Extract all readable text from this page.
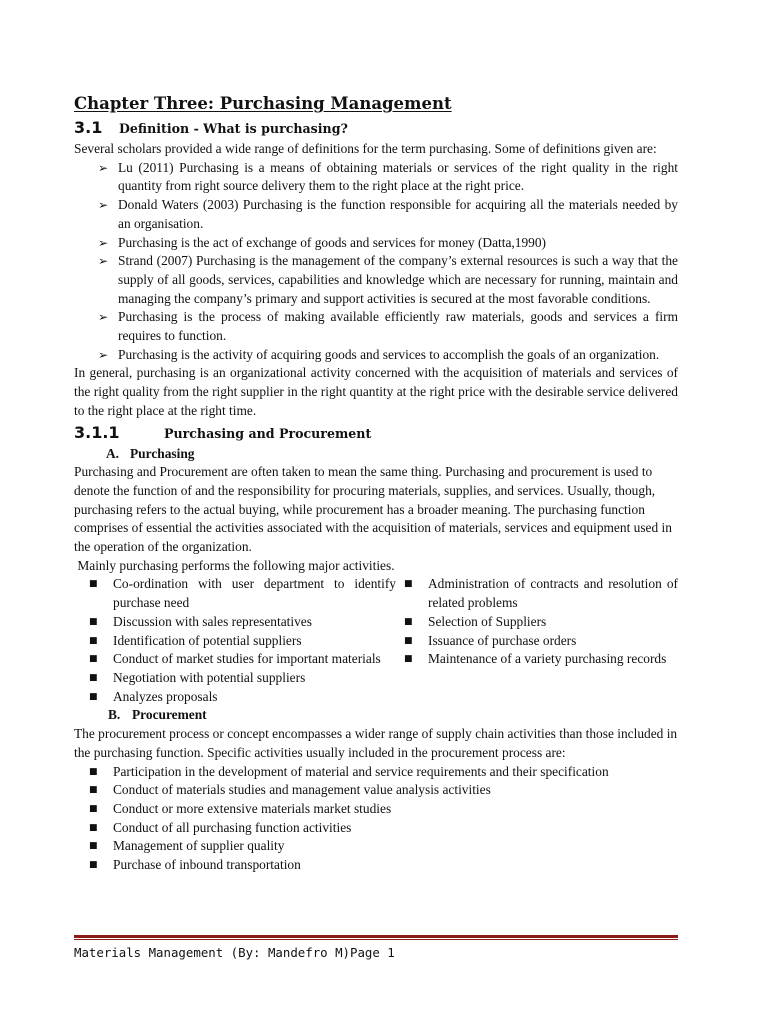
Chapter Three: Purchasing Management
3.1	Definition - What is purchasing?

Several scholars provided a wide range of definitions for the term purchasing. Some of definitions given are:

➢ Lu (2011) Purchasing is a means of obtaining materials or services of the right quality in the right quantity from right source delivery them to the right place at the right price.
➢ Donald Waters (2003) Purchasing is the function responsible for acquiring all the materials needed by an organisation.
➢ Purchasing is the act of exchange of goods and services for money (Datta,1990)
➢ Strand (2007) Purchasing is the management of the company’s external resources is such a way that the supply of all goods, services, capabilities and knowledge which are necessary for running, maintain and managing the company’s primary and support activities is secured at the most favorable conditions.
➢ Purchasing is the process of making available efficiently raw materials, goods and services a firm requires to function.
➢ Purchasing is the activity of acquiring goods and services to accomplish the goals of an organization.

In general, purchasing is an organizational activity concerned with the acquisition of materials and services of the right quality from the right supplier in the right quantity at the right price with the desirable service delivered to the right place at the right time.

3.1.1	Purchasing and Procurement
A. Purchasing

Purchasing and Procurement are often taken to mean the same thing. Purchasing and procurement is used to denote the function of and the responsibility for procuring materials, supplies, and services. Usually, though, purchasing refers to the actual buying, while procurement has a broader meaning. The purchasing function comprises of essential the activities associated with the acquisition of materials, services and equipment used in the operation of the organization.

Mainly purchasing performs the following major activities.

■ Co-ordination with user department to identify purchase need
■ Discussion with sales representatives
■ Identification of potential suppliers
■ Conduct of market studies for important materials
■ Negotiation with potential suppliers
■ Analyzes proposals
■ Administration of contracts and resolution of related problems
■ Selection of Suppliers
■ Issuance of purchase orders
■ Maintenance of a variety purchasing records
B. Procurement

The procurement process or concept encompasses a wider range of supply chain activities than those included in the purchasing function. Specific activities usually included in the procurement process are:

■ Participation in the development of material and service requirements and their specification
■ Conduct of materials studies and management value analysis activities
■ Conduct or more extensive materials market studies
■ Conduct of all purchasing function activities
■ Management of supplier quality
■ Purchase of inbound transportation
Materials Management (By: Mandefro M)Page 1
